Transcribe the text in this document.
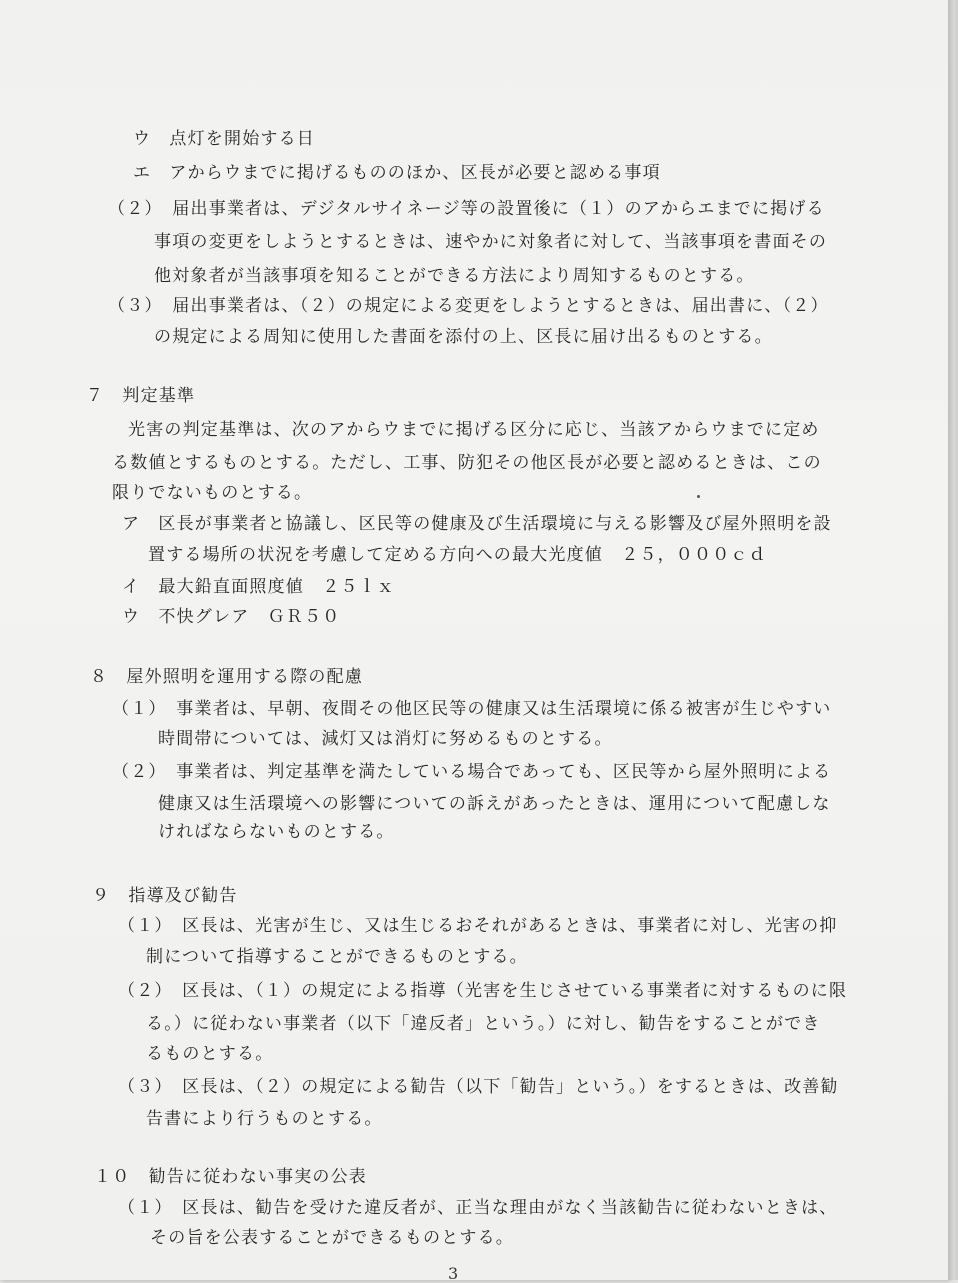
ウ　点灯を開始する日
エ　アからウまでに掲げるもののほか、区長が必要と認める事項
（２）　届出事業者は、デジタルサイネージ等の設置後に（１）のアからエまでに掲げる
事項の変更をしようとするときは、速やかに対象者に対して、当該事項を書面その
他対象者が当該事項を知ることができる方法により周知するものとする。
（３）　届出事業者は、（２）の規定による変更をしようとするときは、届出書に、（２）
の規定による周知に使用した書面を添付の上、区長に届け出るものとする。
７　判定基準
光害の判定基準は、次のアからウまでに掲げる区分に応じ、当該アからウまでに定め
る数値とするものとする。ただし、工事、防犯その他区長が必要と認めるときは、この
限りでないものとする。
ア　区長が事業者と協議し、区民等の健康及び生活環境に与える影響及び屋外照明を設
置する場所の状況を考慮して定める方向への最大光度値　２５，０００ｃｄ
イ　最大鉛直面照度値　２５ｌｘ
ウ　不快グレア　ＧＲ５０
８　屋外照明を運用する際の配慮
（１）　事業者は、早朝、夜間その他区民等の健康又は生活環境に係る被害が生じやすい
時間帯については、減灯又は消灯に努めるものとする。
（２）　事業者は、判定基準を満たしている場合であっても、区民等から屋外照明による
健康又は生活環境への影響についての訴えがあったときは、運用について配慮しな
ければならないものとする。
９　指導及び勧告
（１）　区長は、光害が生じ、又は生じるおそれがあるときは、事業者に対し、光害の抑
制について指導することができるものとする。
（２）　区長は、（１）の規定による指導（光害を生じさせている事業者に対するものに限
る。）に従わない事業者（以下「違反者」という。）に対し、勧告をすることができ
るものとする。
（３）　区長は、（２）の規定による勧告（以下「勧告」という。）をするときは、改善勧
告書により行うものとする。
１０　勧告に従わない事実の公表
（１）　区長は、勧告を受けた違反者が、正当な理由がなく当該勧告に従わないときは、
その旨を公表することができるものとする。
3
